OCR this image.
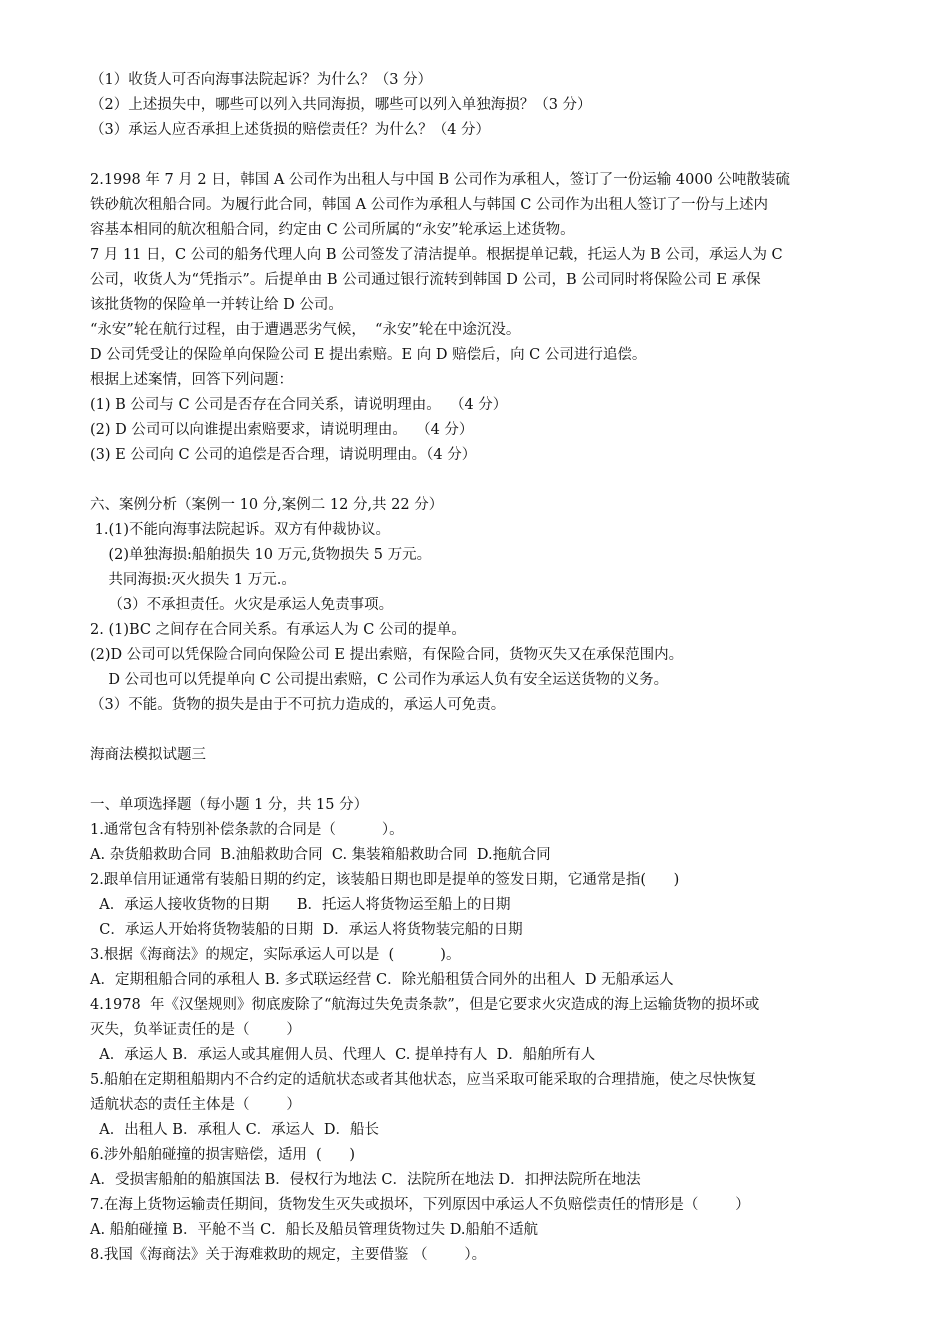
（1）收货人可否向海事法院起诉？为什么？（3 分）

（2）上述损失中，哪些可以列入共同海损，哪些可以列入单独海损？（3 分）

（3）承运人应否承担上述货损的赔偿责任？为什么？（4 分）

2.1998 年 7 月 2 日，韩国 A 公司作为出租人与中国 B 公司作为承租人，签订了一份运输 4000 公吨散装硫

铁砂航次租船合同。为履行此合同，韩国 A 公司作为承租人与韩国 C 公司作为出租人签订了一份与上述内

容基本相同的航次租船合同，约定由 C 公司所属的“永安”轮承运上述货物。

7 月 11 日，C 公司的船务代理人向 B 公司签发了清洁提单。根据提单记载，托运人为 B 公司，承运人为 C

公司，收货人为“凭指示”。后提单由 B 公司通过银行流转到韩国 D 公司，B 公司同时将保险公司 E 承保

该批货物的保险单一并转让给 D 公司。

“永安”轮在航行过程，由于遭遇恶劣气候，  “永安”轮在中途沉没。

D 公司凭受让的保险单向保险公司 E 提出索赔。E 向 D 赔偿后，向 C 公司进行追偿。

根据上述案情，回答下列问题：

(1) B 公司与 C 公司是否存在合同关系，请说明理由。  （4 分）

(2) D 公司可以向谁提出索赔要求，请说明理由。  （4 分）

(3) E 公司向 C 公司的追偿是否合理，请说明理由。（4 分）

六、案例分析（案例一 10 分,案例二 12 分,共 22 分）

1.(1)不能向海事法院起诉。双方有仲裁协议。

(2)单独海损:船舶损失 10 万元,货物损失 5 万元。

共同海损:灭火损失 1 万元.。

（3）不承担责任。火灾是承运人免责事项。

2. (1)BC 之间存在合同关系。有承运人为 C 公司的提单。

(2)D 公司可以凭保险合同向保险公司 E 提出索赔，有保险合同，货物灭失又在承保范围内。

D 公司也可以凭提单向 C 公司提出索赔，C 公司作为承运人负有安全运送货物的义务。

（3）不能。货物的损失是由于不可抗力造成的，承运人可免责。

海商法模拟试题三

一、单项选择题（每小题 1 分，共 15 分）

1.通常包含有特别补偿条款的合同是（          ）。

A. 杂货船救助合同  B.油船救助合同  C. 集装箱船救助合同  D.拖航合同

2.跟单信用证通常有装船日期的约定，该装船日期也即是提单的签发日期，它通常是指(      )

A．承运人接收货物的日期      B．托运人将货物运至船上的日期

C．承运人开始将货物装船的日期  D．承运人将货物装完船的日期

3.根据《海商法》的规定，实际承运人可以是  (          )。

A．定期租船合同的承租人 B. 多式联运经营 C．除光船租赁合同外的出租人  D 无船承运人

4.1978  年《汉堡规则》彻底废除了“航海过失免责条款”，但是它要求火灾造成的海上运输货物的损坏或

灭失，负举证责任的是（        ）

A．承运人 B．承运人或其雇佣人员、代理人  C. 提单持有人  D．船舶所有人

5.船舶在定期租船期内不合约定的适航状态或者其他状态，应当采取可能采取的合理措施，使之尽快恢复

适航状态的责任主体是（        ）

A．出租人 B．承租人 C．承运人  D．船长

6.涉外船舶碰撞的损害赔偿，适用  (      )

A．受损害船舶的船旗国法 B．侵权行为地法 C．法院所在地法 D．扣押法院所在地法

7.在海上货物运输责任期间，货物发生灭失或损坏，下列原因中承运人不负赔偿责任的情形是（        ）

A. 船舶碰撞 B．平舱不当 C．船长及船员管理货物过失 D.船舶不适航

8.我国《海商法》关于海难救助的规定，主要借鉴 （        ）。
